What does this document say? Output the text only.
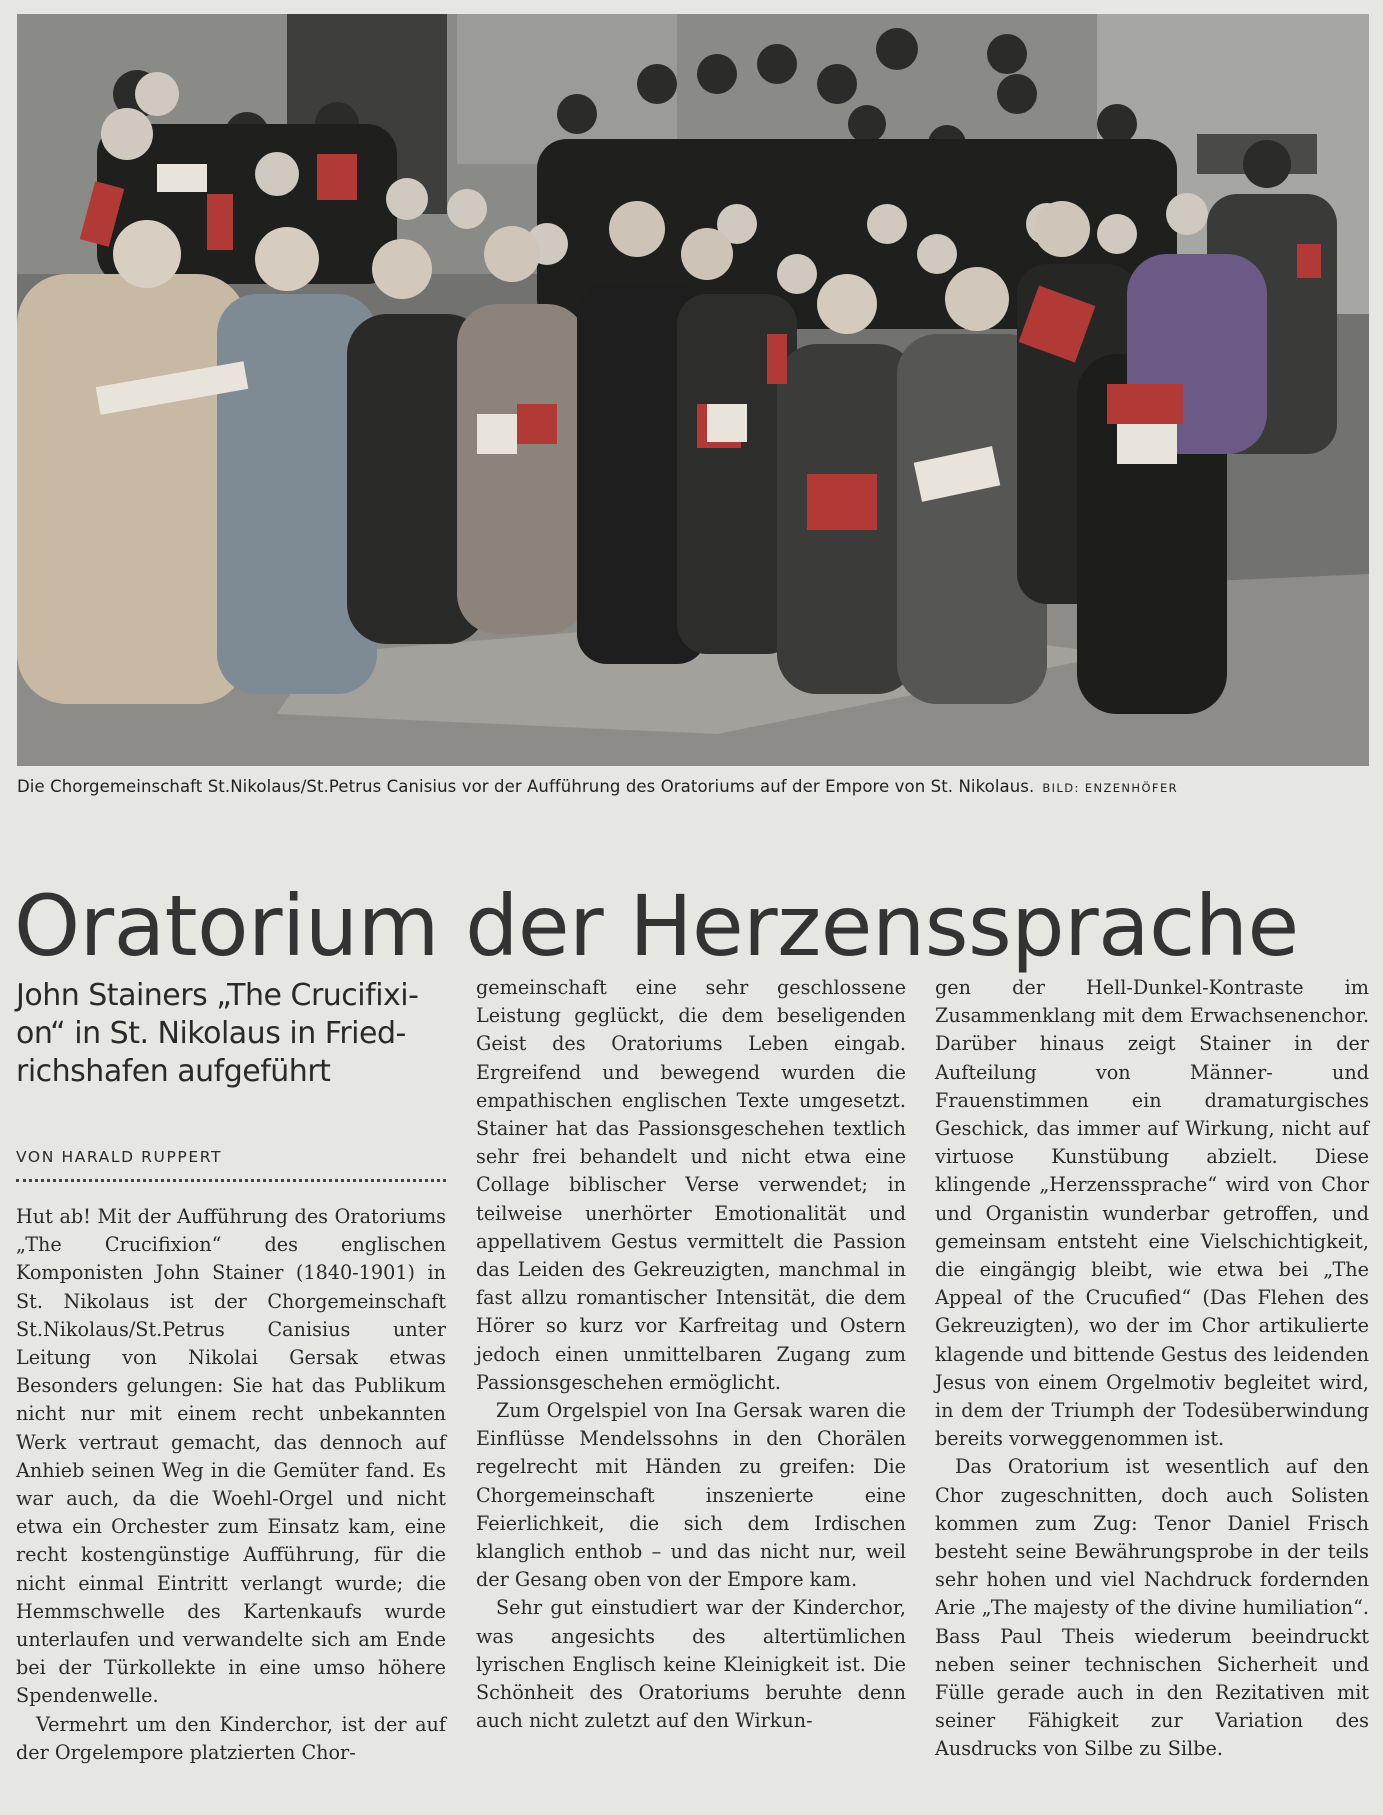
Die Chorgemeinschaft St.Nikolaus/St.Petrus Canisius vor der Aufführung des Oratoriums auf der Empore von St. Nikolaus. BILD: ENZENHÖFER
Oratorium der Herzenssprache
John Stainers „The Crucifixi-on“ in St. Nikolaus in Fried-richshafen aufgeführt
VON HARALD RUPPERT

Hut ab! Mit der Aufführung des Oratoriums „The Crucifixion“ des englischen Komponisten John Stainer (1840-1901) in St. Nikolaus ist der Chorgemeinschaft St.Nikolaus/St.Petrus Canisius unter Leitung von Nikolai Gersak etwas Besonders gelungen: Sie hat das Publikum nicht nur mit einem recht unbekannten Werk vertraut gemacht, das dennoch auf Anhieb seinen Weg in die Gemüter fand. Es war auch, da die Woehl-Orgel und nicht etwa ein Orchester zum Einsatz kam, eine recht kostengünstige Aufführung, für die nicht einmal Eintritt verlangt wurde; die Hemmschwelle des Kartenkaufs wurde unterlaufen und verwandelte sich am Ende bei der Türkollekte in eine umso höhere Spendenwelle.

Vermehrt um den Kinderchor, ist der auf der Orgelempore platzierten Chor-

gemeinschaft eine sehr geschlossene Leistung geglückt, die dem beseligenden Geist des Oratoriums Leben eingab. Ergreifend und bewegend wurden die empathischen englischen Texte umgesetzt. Stainer hat das Passionsgeschehen textlich sehr frei behandelt und nicht etwa eine Collage biblischer Verse verwendet; in teilweise unerhörter Emotionalität und appellativem Gestus vermittelt die Passion das Leiden des Gekreuzigten, manchmal in fast allzu romantischer Intensität, die dem Hörer so kurz vor Karfreitag und Ostern jedoch einen unmittelbaren Zugang zum Passionsgeschehen ermöglicht.

Zum Orgelspiel von Ina Gersak waren die Einflüsse Mendelssohns in den Chorälen regelrecht mit Händen zu greifen: Die Chorgemeinschaft inszenierte eine Feierlichkeit, die sich dem Irdischen klanglich enthob – und das nicht nur, weil der Gesang oben von der Empore kam.

Sehr gut einstudiert war der Kinderchor, was angesichts des altertümlichen lyrischen Englisch keine Kleinigkeit ist. Die Schönheit des Oratoriums beruhte denn auch nicht zuletzt auf den Wirkun-

gen der Hell-Dunkel-Kontraste im Zusammenklang mit dem Erwachsenenchor. Darüber hinaus zeigt Stainer in der Aufteilung von Männer- und Frauenstimmen ein dramaturgisches Geschick, das immer auf Wirkung, nicht auf virtuose Kunstübung abzielt. Diese klingende „Herzenssprache“ wird von Chor und Organistin wunderbar getroffen, und gemeinsam entsteht eine Vielschichtigkeit, die eingängig bleibt, wie etwa bei „The Appeal of the Crucufied“ (Das Flehen des Gekreuzigten), wo der im Chor artikulierte klagende und bittende Gestus des leidenden Jesus von einem Orgelmotiv begleitet wird, in dem der Triumph der Todesüberwindung bereits vorweggenommen ist.

Das Oratorium ist wesentlich auf den Chor zugeschnitten, doch auch Solisten kommen zum Zug: Tenor Daniel Frisch besteht seine Bewährungsprobe in der teils sehr hohen und viel Nachdruck fordernden Arie „The majesty of the divine humiliation“. Bass Paul Theis wiederum beeindruckt neben seiner technischen Sicherheit und Fülle gerade auch in den Rezitativen mit seiner Fähigkeit zur Variation des Ausdrucks von Silbe zu Silbe.
